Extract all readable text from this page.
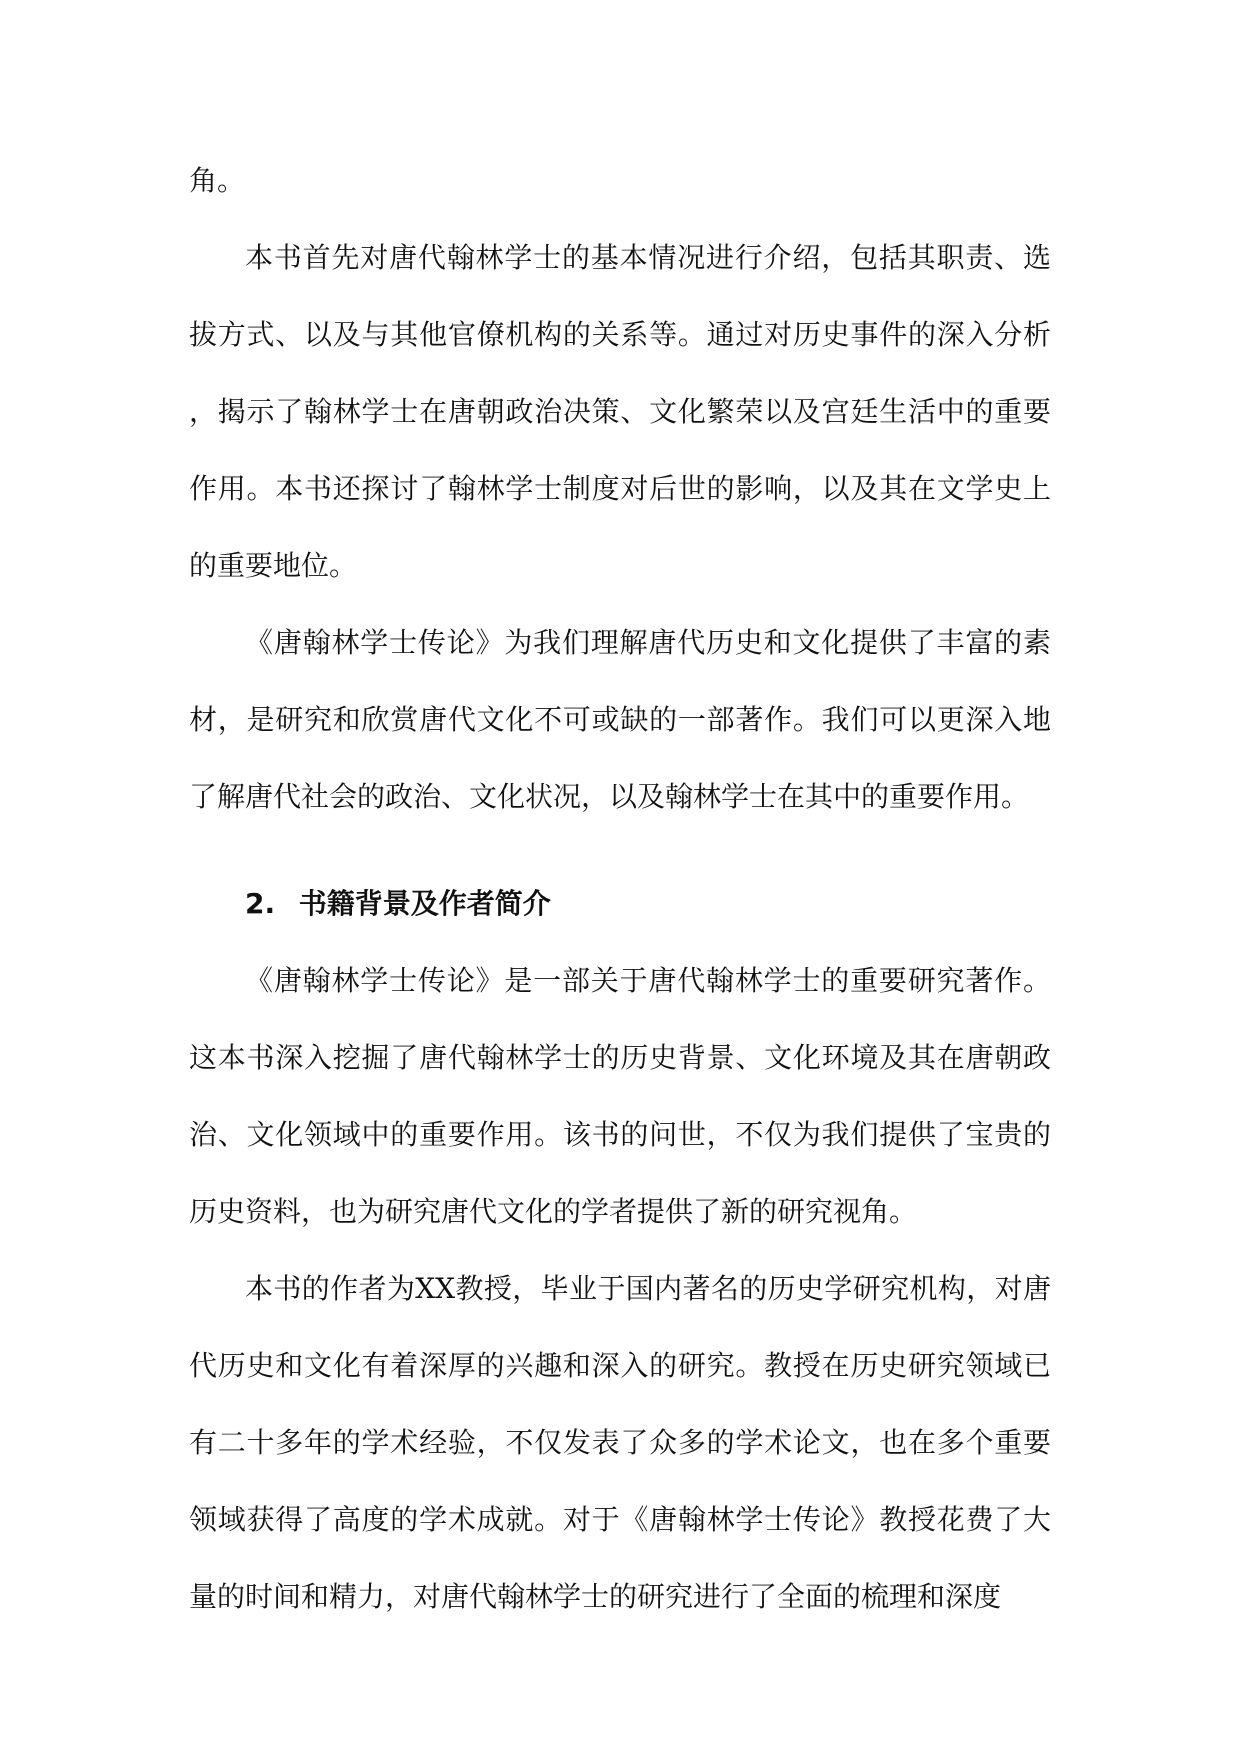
角。

本书首先对唐代翰林学士的基本情况进行介绍，包括其职责、选拔方式、以及与其他官僚机构的关系等。通过对历史事件的深入分析，揭示了翰林学士在唐朝政治决策、文化繁荣以及宫廷生活中的重要作用。本书还探讨了翰林学士制度对后世的影响，以及其在文学史上的重要地位。

《唐翰林学士传论》为我们理解唐代历史和文化提供了丰富的素材，是研究和欣赏唐代文化不可或缺的一部著作。我们可以更深入地了解唐代社会的政治、文化状况，以及翰林学士在其中的重要作用。

2. 书籍背景及作者简介

《唐翰林学士传论》是一部关于唐代翰林学士的重要研究著作。这本书深入挖掘了唐代翰林学士的历史背景、文化环境及其在唐朝政治、文化领域中的重要作用。该书的问世，不仅为我们提供了宝贵的历史资料，也为研究唐代文化的学者提供了新的研究视角。

本书的作者为XX教授，毕业于国内著名的历史学研究机构，对唐代历史和文化有着深厚的兴趣和深入的研究。教授在历史研究领域已有二十多年的学术经验，不仅发表了众多的学术论文，也在多个重要领域获得了高度的学术成就。对于《唐翰林学士传论》教授花费了大量的时间和精力，对唐代翰林学士的研究进行了全面的梳理和深度
